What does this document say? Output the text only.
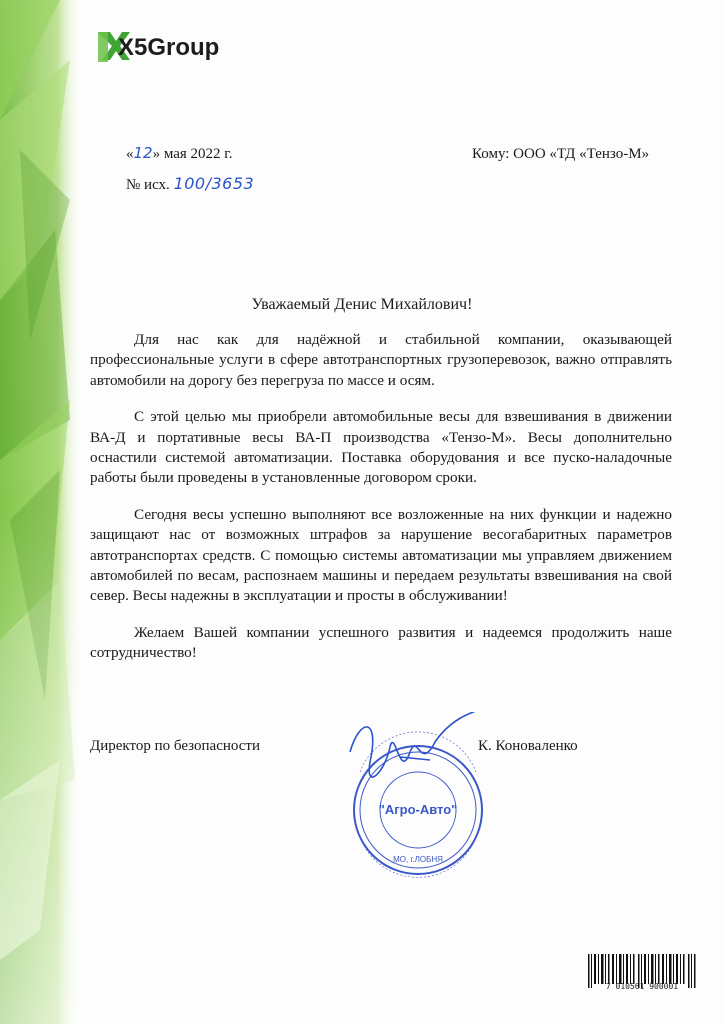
X5Group
«12» мая 2022 г.
№ исх. 100/3653
Кому: ООО «ТД «Тензо-М»
Уважаемый Денис Михайлович!

Для нас как для надёжной и стабильной компании, оказывающей профессиональные услуги в сфере автотранспортных грузоперевозок, важно отправлять автомобили на дорогу без перегруза по массе и осям.

С этой целью мы приобрели автомобильные весы для взвешивания в движении ВА-Д и портативные весы ВА-П производства «Тензо-М». Весы дополнительно оснастили системой автоматизации. Поставка оборудования и все пуско-наладочные работы были проведены в установленные договором сроки.

Сегодня весы успешно выполняют все возложенные на них функции и надежно защищают нас от возможных штрафов за нарушение весогабаритных параметров автотранспортах средств. С помощью системы автоматизации мы управляем движением автомобилей по весам, распознаем машины и передаем результаты взвешивания на свой север. Весы надежны в эксплуатации и просты в обслуживании!

Желаем Вашей компании успешного развития и надеемся продолжить наше сотрудничество!

Директор по безопасности	К. Коноваленко
"Агро-Авто"
МО, г.ЛОБНЯ
7 010561 900001
